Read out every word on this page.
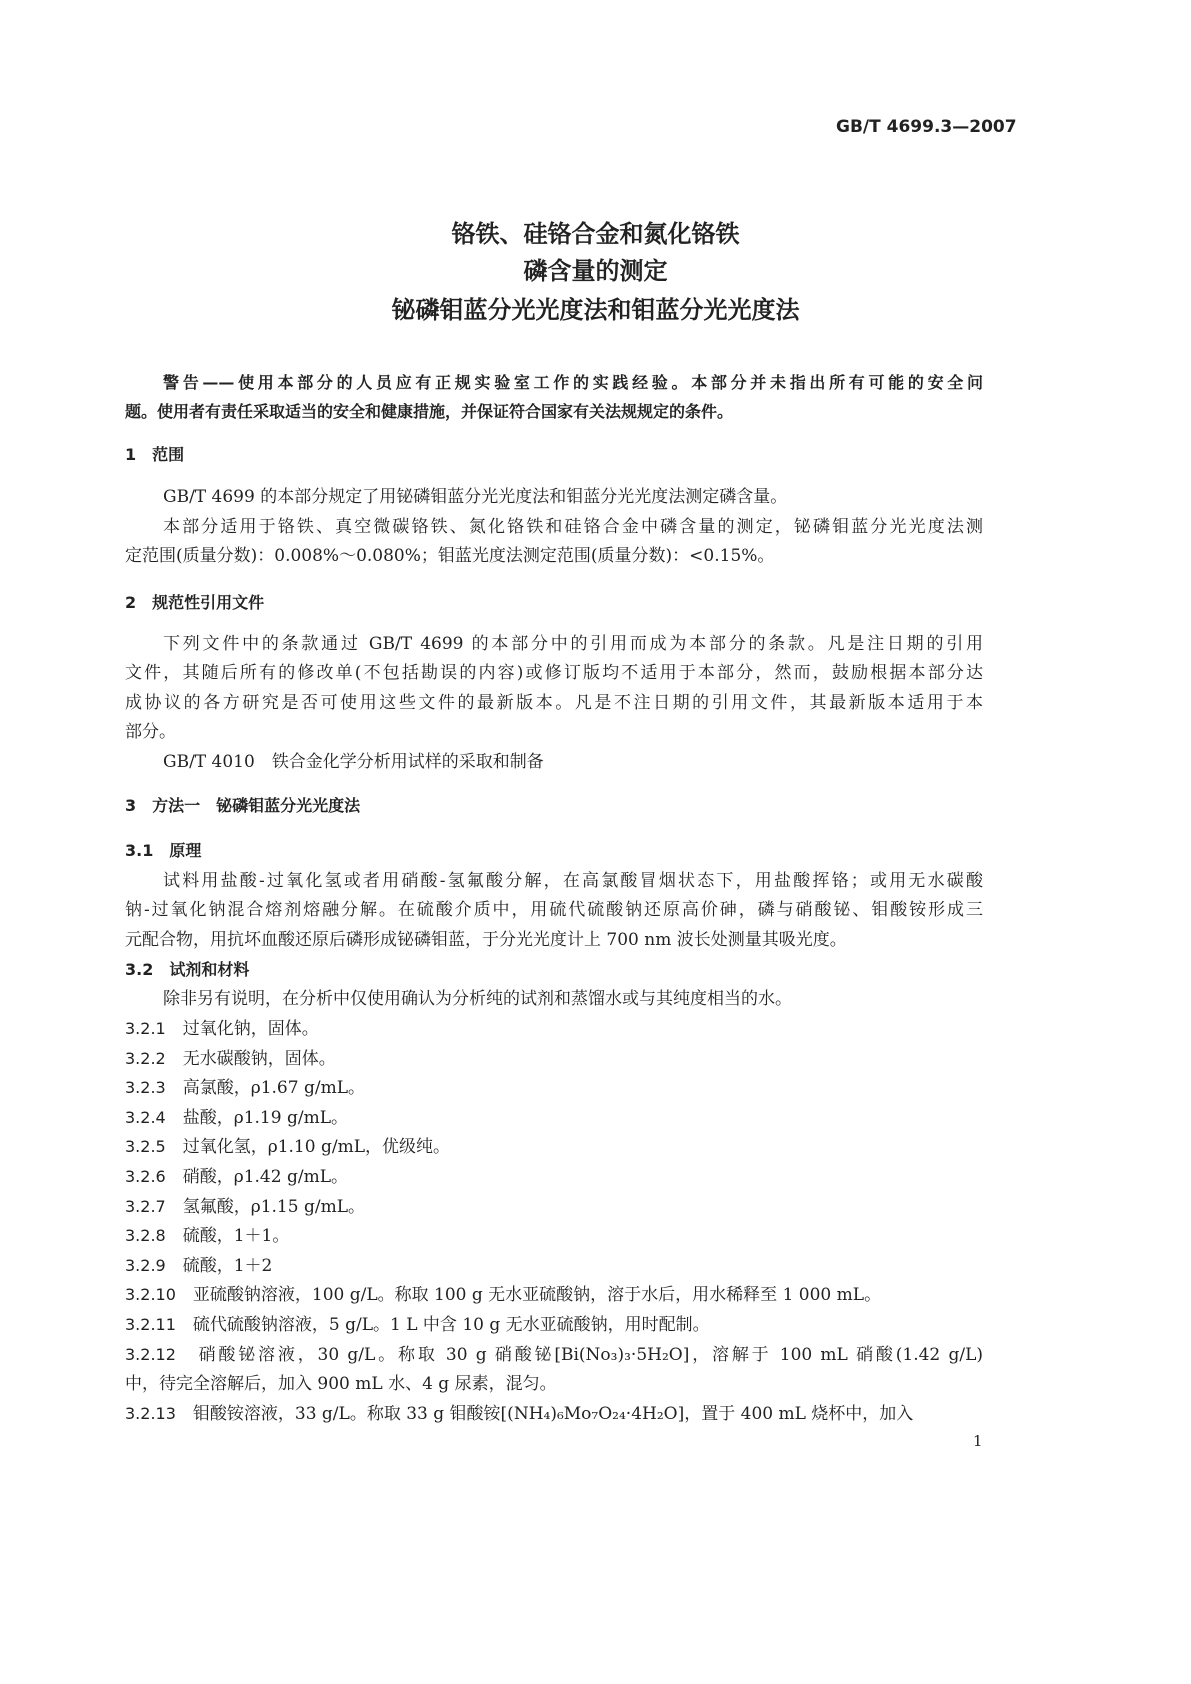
GB/T 4699.3—2007
铬铁、硅铬合金和氮化铬铁
磷含量的测定
铋磷钼蓝分光光度法和钼蓝分光光度法
警告——使用本部分的人员应有正规实验室工作的实践经验。本部分并未指出所有可能的安全问
题。使用者有责任采取适当的安全和健康措施，并保证符合国家有关法规规定的条件。
1　 范围
GB/T 4699 的本部分规定了用铋磷钼蓝分光光度法和钼蓝分光光度法测定磷含量。
本部分适用于铬铁、真空微碳铬铁、氮化铬铁和硅铬合金中磷含量的测定，铋磷钼蓝分光光度法测
定范围(质量分数)：0.008%～0.080%；钼蓝光度法测定范围(质量分数)：<0.15%。
2　 规范性引用文件
下列文件中的条款通过 GB/T 4699 的本部分中的引用而成为本部分的条款。凡是注日期的引用
文件，其随后所有的修改单(不包括勘误的内容)或修订版均不适用于本部分，然而，鼓励根据本部分达
成协议的各方研究是否可使用这些文件的最新版本。凡是不注日期的引用文件，其最新版本适用于本
部分。
GB/T 4010　 铁合金化学分析用试样的采取和制备
3　 方法一　铋磷钼蓝分光光度法
3.1　 原理
试料用盐酸-过氧化氢或者用硝酸-氢氟酸分解，在高氯酸冒烟状态下，用盐酸挥铬；或用无水碳酸
钠-过氧化钠混合熔剂熔融分解。在硫酸介质中，用硫代硫酸钠还原高价砷，磷与硝酸铋、钼酸铵形成三
元配合物，用抗坏血酸还原后磷形成铋磷钼蓝，于分光光度计上 700 nm 波长处测量其吸光度。
3.2　 试剂和材料
除非另有说明，在分析中仅使用确认为分析纯的试剂和蒸馏水或与其纯度相当的水。
3.2.1　 过氧化钠，固体。
3.2.2　 无水碳酸钠，固体。
3.2.3　 高氯酸，ρ1.67 g/mL。
3.2.4　 盐酸，ρ1.19 g/mL。
3.2.5　 过氧化氢，ρ1.10 g/mL，优级纯。
3.2.6　 硝酸，ρ1.42 g/mL。
3.2.7　 氢氟酸，ρ1.15 g/mL。
3.2.8　 硫酸，1＋1。
3.2.9　 硫酸，1＋2
3.2.10　 亚硫酸钠溶液，100 g/L。称取 100 g 无水亚硫酸钠，溶于水后，用水稀释至 1 000 mL。
3.2.11　 硫代硫酸钠溶液，5 g/L。1 L 中含 10 g 无水亚硫酸钠，用时配制。
3.2.12　 硝酸铋溶液，30 g/L。称取 30 g 硝酸铋[Bi(No₃)₃·5H₂O]，溶解于 100 mL 硝酸(1.42 g/L)
中，待完全溶解后，加入 900 mL 水、4 g 尿素，混匀。
3.2.13　 钼酸铵溶液，33 g/L。称取 33 g 钼酸铵[(NH₄)₆Mo₇O₂₄·4H₂O]，置于 400 mL 烧杯中，加入
1
